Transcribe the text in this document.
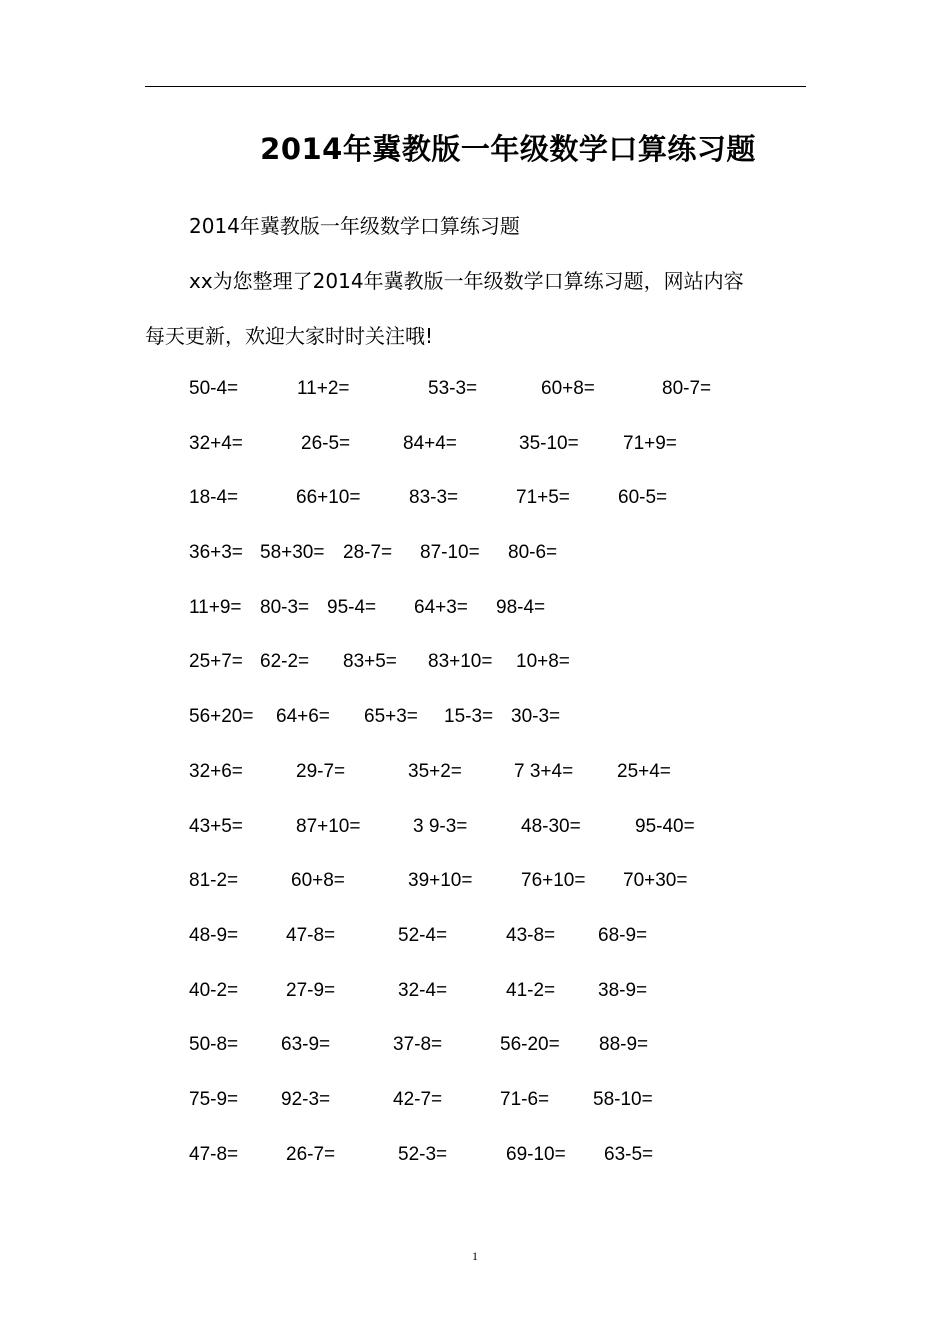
2014年冀教版一年级数学口算练习题
2014年冀教版一年级数学口算练习题
xx为您整理了2014年冀教版一年级数学口算练习题，网站内容
每天更新，欢迎大家时时关注哦!
50-4=	11+2=	53-3=	60+8=	80-7=
32+4=	26-5=	84+4=	35-10= 71+9=
18-4=	66+10=	83-3=	71+5=	60-5=
36+3= 58+30= 28-7= 87-10= 80-6=
11+9= 80-3= 95-4= 64+3= 98-4=
25+7= 62-2= 83+5= 83+10= 10+8=
56+20= 64+6= 65+3= 15-3= 30-3=
32+6=	29-7=	35+2=	7 3+4= 25+4=
43+5=	87+10=	3 9-3=	48-30=	95-40=
81-2=	60+8=	39+10=	76+10= 70+30=
48-9=	47-8=	52-4=	43-8= 68-9=
40-2=	27-9=	32-4=	41-2= 38-9=
50-8= 63-9=	37-8=	56-20= 88-9=
75-9= 92-3=	42-7=	71-6= 58-10=
47-8=	26-7=	52-3=	69-10= 63-5=
1
